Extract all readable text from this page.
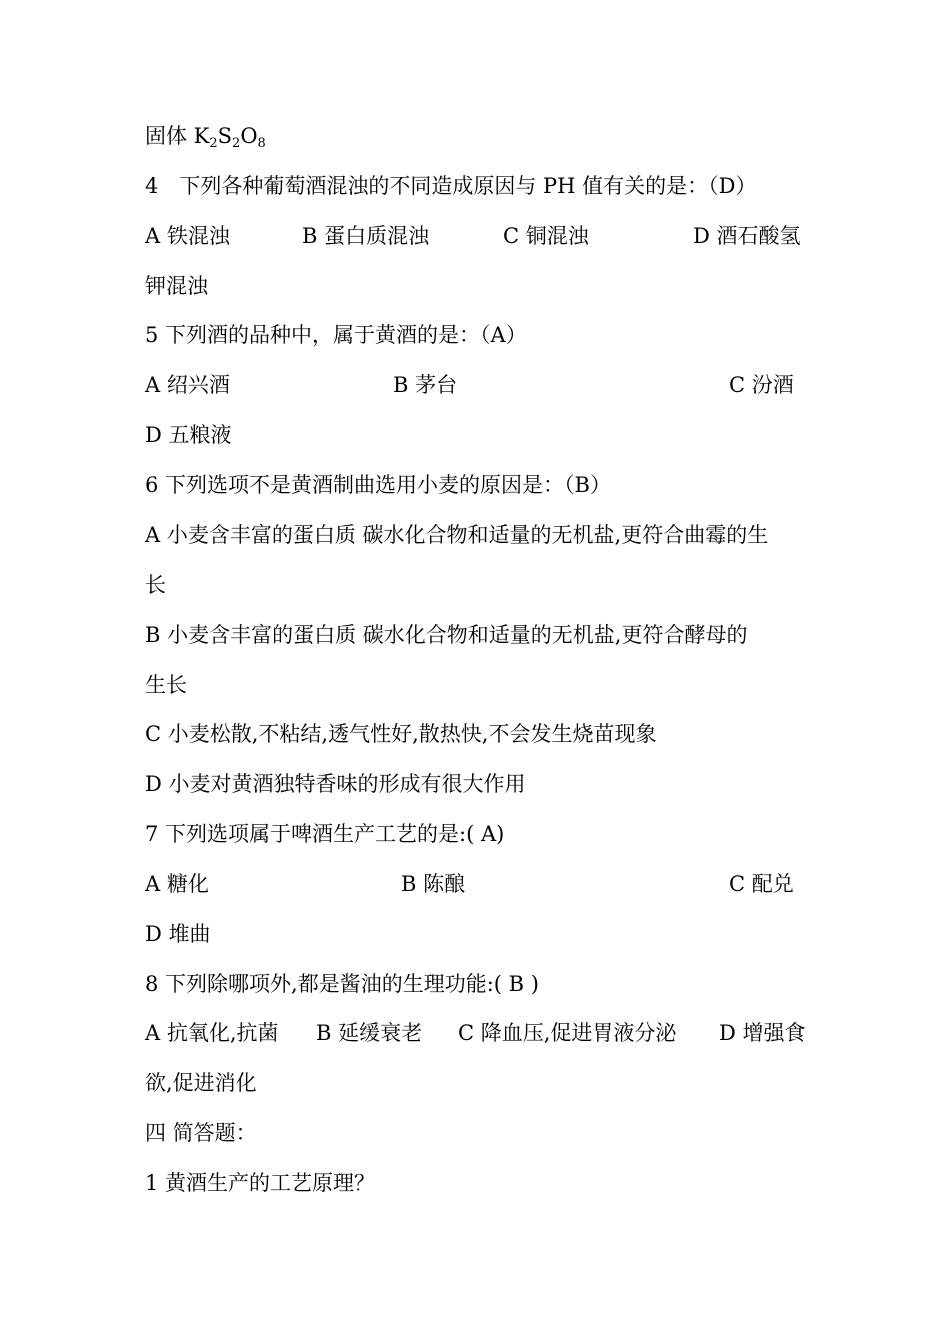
固体 $K_2S_2O_8$
4　下列各种葡萄酒混浊的不同造成原因与 PH 值有关的是：（D）
A 铁混浊	B 蛋白质混浊	C 铜混浊	D 酒石酸氢
钾混浊
5 下列酒的品种中，属于黄酒的是：（A）
A 绍兴酒	B 茅台	C 汾酒
D 五粮液
6 下列选项不是黄酒制曲选用小麦的原因是：（B）
A 小麦含丰富的蛋白质 碳水化合物和适量的无机盐,更符合曲霉的生
长
B 小麦含丰富的蛋白质 碳水化合物和适量的无机盐,更符合酵母的
生长
C 小麦松散,不粘结,透气性好,散热快,不会发生烧苗现象
D 小麦对黄酒独特香味的形成有很大作用
7 下列选项属于啤酒生产工艺的是:( A)
A 糖化	B 陈酿	C 配兑
D 堆曲
8 下列除哪项外,都是酱油的生理功能:( B )
A 抗氧化,抗菌 B 延缓衰老 C 降血压,促进胃液分泌 D 增强食
欲,促进消化
四 简答题：
1 黄酒生产的工艺原理？
